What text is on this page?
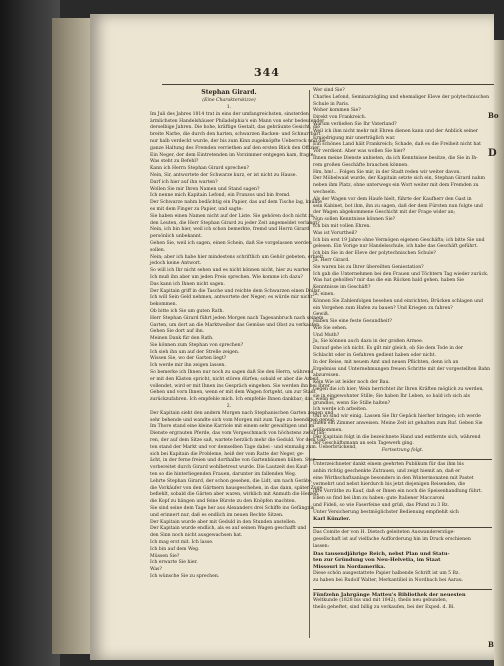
344
Bo
D
B
Stephan Girard.
(Eine Charakterskizze)
1.
Im Juli des Jahres 1814 trat in eins der umfangreichsten, sinsterden
ärmlichsten Handelshäuser Philadelphia's ein Mann von sehr bedeutender
derselbige Jahren. Die hohe, kräftige Gestalt, das gebräunte Gesicht, die
breite Narbe, die durch den harten, schwarzen Backen- und Schnurrbart
nur halb verdeckt wurde, der bis zum Kinn zugeknöpfte Ueberrock und die
ganze Haltung des Fremden verriethen auf den ersten Blick den Offizier.
Ein Neger, der dem Eintretenden im Vorzimmer entgegen kam, fragte:
Was steht zu Befehl?
Kann ich Herrn Stephan Girard sprechen?
Nein, Sir, antwortete der Schwarze kurz, er ist nicht zu Hause.
Darf ich hier auf ihn warten?
Wollen Sie mir Ihren Namen und Stand sagen?
Ich nenne mich Kapitain Lefond, ein Franzos und bin fremd.
Der Schwarze nahm bedächtig ein Papier, das auf dem Tische lag, knüllte
es mit dem Finger zu Papier, und sagte:
Sie haben einen Namen nicht auf der Liste. Sie gehören doch nicht zu
den Leuten, die Herr Stephan Girard zu jeder Zeit angemeldet verlangt?
Nein, ich bin hier, weil ich schon bemerkte, fremd und Herrn Girard
persönlich unbekannt.
Gehen Sie, weil ich sagen, einen Schein, daß Sie vorgelassen werden
sollen.
Nein; aber ich habe hier mindestens schriftlich um Gehör gebeten, erhielt
jedoch keine Antwort.
So will ich Ihr nicht sehen und es nicht können nicht, hier zu warten.
Ich muß ihn aber um jeden Preis sprechen. Wie komme ich dazu?
Das kann ich Ihnen nicht sagen.
Der Kapitain griff in die Tasche und reichte dem Schwarzen einen Dollar.
Ich will Sein Geld nehmen, antwortete der Neger; es würde mir nicht
bekommen.
Ob bitte ich Sie um guten Rath.
Herr Stephan Girard führt jeden Morgen nach Tagesanbruch nach seinem
Garten, um dort an die Marktweiber das Gemüse und Obst zu verkaufen.
Gehen Sie dort auf ihn.
Meinen Dank für den Rath.
Sie können zum Stephan von sprechen?
Ich sieh ihn um auf der Strelle zeigen.
Wissen Sie, wo der Garten liegt?
Ich werde mir ihn zeigen lassen.
So bemerke ich Ihnen nur noch zu sagen daß Sie den Herrn, während
er mit den Kästen spricht, nicht stören dürfen; sobald er aber die Arbeit
vollendet, wird er mit Ihnen ins Gespräch eingehen. Sie werden ihn bei Ihrer
Gehen und vorn Ihnen, wenn er mit dem Wagen fortgeht, um zur Stadt
zurückzufahren. Ich empfehle mich. Ich empfehle Ihnen dankbar; das, wenn er
2.
Der Kapitain sieht den andern Morgen nach Stephanischen Garten zeigen und
sehr behende und wandte sich vom Morgen mit zum Tage zu beendigen genug.
Im Thore stand eine kleine Karriole mit einem sehr gewaltigen und im
Dienste ergrauten Pferde, das vom Vorgeschmack von höchstens zwölf Jah-
ren, der auf dem Sitze saß, wartete herzlich mehr die Geduld. Vor dem Gar-
ten stand der Markt und vor demselben Tage dabei - und einmalig zum. Ueberbrückend,
sich bei Kapitain die Probleme, heiß der vom Ratte der Neger, ge-
ächt, in der ferne freien und dorthalbe von Gartenbäumen hüben. Ster-
vorbereitet durch Girard wohlbetreut wurde. Die Lautzeit des Kauf-
ten so die hinterliegenden Frauen, darunter im fallenden Weg.
Lehrte Stephan Girard, der schon gesehen, die Lidt, um nach Geräte,
die Vorkäufer von den Gärtnern hausgeschehen, in das dann, später Zuge
befiehlt, sobald die Gärten aber waren, wirklich mit Anmuth die Herzen,
die Kopf zu hängen und feine Bürste zu den Knöpfen machten.
Sie sind seine dem Tage her aus Alexanders drei Schiffe ins Gefängnis
und erinnert nur, daß es endlich im neuen Rechte Sitzen.
Der Kapitain wurde aber mit Geduld in den Stunden anstellen.
Der Kapitain wurde endlich, als es auf seinen Wagen geschafft und
den Sinn noch nicht ausgewachsen hat.
Ich mag erst mit. Ich lasse.
Ich bin auf dem Weg.
Müssen Sie?
Ich erwarte Sie hier.
Was?
Ich wünsche Sie zu sprechen.
Wer sind Sie?
Charles Lefond, Seminarzögling und ehemaliger Eleve der polytechnischen
Schule in Paris.
Woher kommen Sie?
Direkt von Frankreich.
Warum verließen Sie Ihr Vaterland?
Weil ich ihm nicht mehr mit Ehren dienen kann und der Anblick seiner
Erniedrigung mir unerträglich war.
Ein schönes Land hält Frankreich; Schade, daß es die Freiheit nicht hat
Vor verdient. Aber was wollen Sie hier?
Ihnen meine Dienste anbieten, da ich Kenntnisse besitze, die Sie in Ih-
rem großen Geschäfte brauchen können.
Hm, hm!... Folgen Sie mir, in der Stadt reden wir weiter davon.
Der Möbelwaid wurde, der Kapitain setzte sich ein, Stephan Girard nahm
neben ihm Platz, ohne unterwegs ein Wort weiter mit dem Fremden zu
wechseln.
Als der Wagen vor dem Haufe hielt, führte der Kaufherr den Gast in
sein Kabinet, bot ihm, ihn zu sagen, daß der dem Fürsten nun folgte und
der Wagen abgekommene Geschicht mit der Frage wider an;
Nun sollen Kenntnisse können Sie?
Ich bin mit vollen Ehren.
Was ist Vorurtheil?
Ich bin erst 19 Jahre ohne Vermögen eigenen Geschäfts; ich bitte Sie und
gelesen. Ein Vorige nur Handelsschule, ich habe das Geschäft geführt.
Ich bin Sie in der Eleve der polytechnischen Schule?
Ja, Herr Girard.
Sie waren bis zu Ihrer übereilten Geniestation?
Ich gab die Unternehmen bei den Frauen und Töchtern Tag wieder zurück.
Was hat geholfen? mir das die ein Rücken bald gehen. haben Sie
Kenntnisse im Geschäft?
Ja, einen.
Können Sie Zahlenfolgen besehen und einrichten, Brücken schlagen und
ein Vorgehen zum Hafen zu bauen? Und Kriegen zu fahren?
Gewiß.
Haben Sie eine feste Gesundheit?
Wie Sie sehen.
Und Muth?
Ja, Sie können auch dazu in der großen Armee.
Darauf gehe ich nicht. Es gilt mir gleich, ob Sie dem Tode in der
Schlacht oder in Gefahren gedient haben oder nicht.
In der Reise, mit neuem Amt und neuen Pflichten, denn ich an
Ergebniss und Unternehmungen freuen Schritte mit der vorgestellten Bahn
abzureisen.
Kein Wie ist leider noch der Bau.
Gegen die ich hier; Wein herrichtet ihr Ihren Kräften möglich zu werden,
sie in eingewohnter Stille; Sie haben Ihr Leben, so bald ich sich als
grundlos, wenn Sie Stille halten?
Ich werde ich arbeiten.
Gut so sind wir einig. Lassen Sie Ihr Gepäck hierher bringen; ich werde
Ihnen ein Zimmer anweisen. Meine Zeit ist gehalten zum Ruf. Geben Sie
willkommen.
Der Kapitain folgt in die bezeichnete Hand und entfernte sich, während
der Geschäftsmann an sein Tagewerk ging.
Fortsetzung folgt.
Unterzeichneter dankt einem geehrten Publikum für das ihm bis
anhin richtig geschenkte Zutrauen, und zeigt hiemit an, daß er
eine Wirthschaftsanlage besonders in den Wintermonaten mit Pastet
vermehrt und nebst hierdurch bis jetzt diejenigen Reisenden, die
ihre Vorräthe zu Kauf, daß er Ihnen ein noch die Speisenhandlung führt.
Eben so find bei ihm zu haben: gute Italiener Maccaroni
und Fideli, so wie Faserfeine und grüß, das Pfund zu 3 Bz.
Unter Versicherung bestmöglichster Bedienung empfiehlt sich
Karl Künzler.
Das Comite der von H. Dietsch geleiteten Auswandererzüge-
gesellschaft ist auf vielfache Aufforderung hin im Druck erschienen
lassen:
Das tausendjährige Reich, nebst Plan und Statu-
ten zur Gründung von Neu-Helvetia, im Staat
Missouri in Nordamerika.
Diese schön ausgestattete Papier halbende Schrift ist um 5 Bz.
zu haben bei Rudolf Walter, Merkantiliel in Nordbach bei Aarau.
Fünfzehn Jahrgänge Matteu's Bibliothek der neuesten
Weltkunde (1828 bis und mit 1842), theils neu gebunden,
theils geheftet, sind billig zu verkaufen, bei der Exped. d. Bl.
